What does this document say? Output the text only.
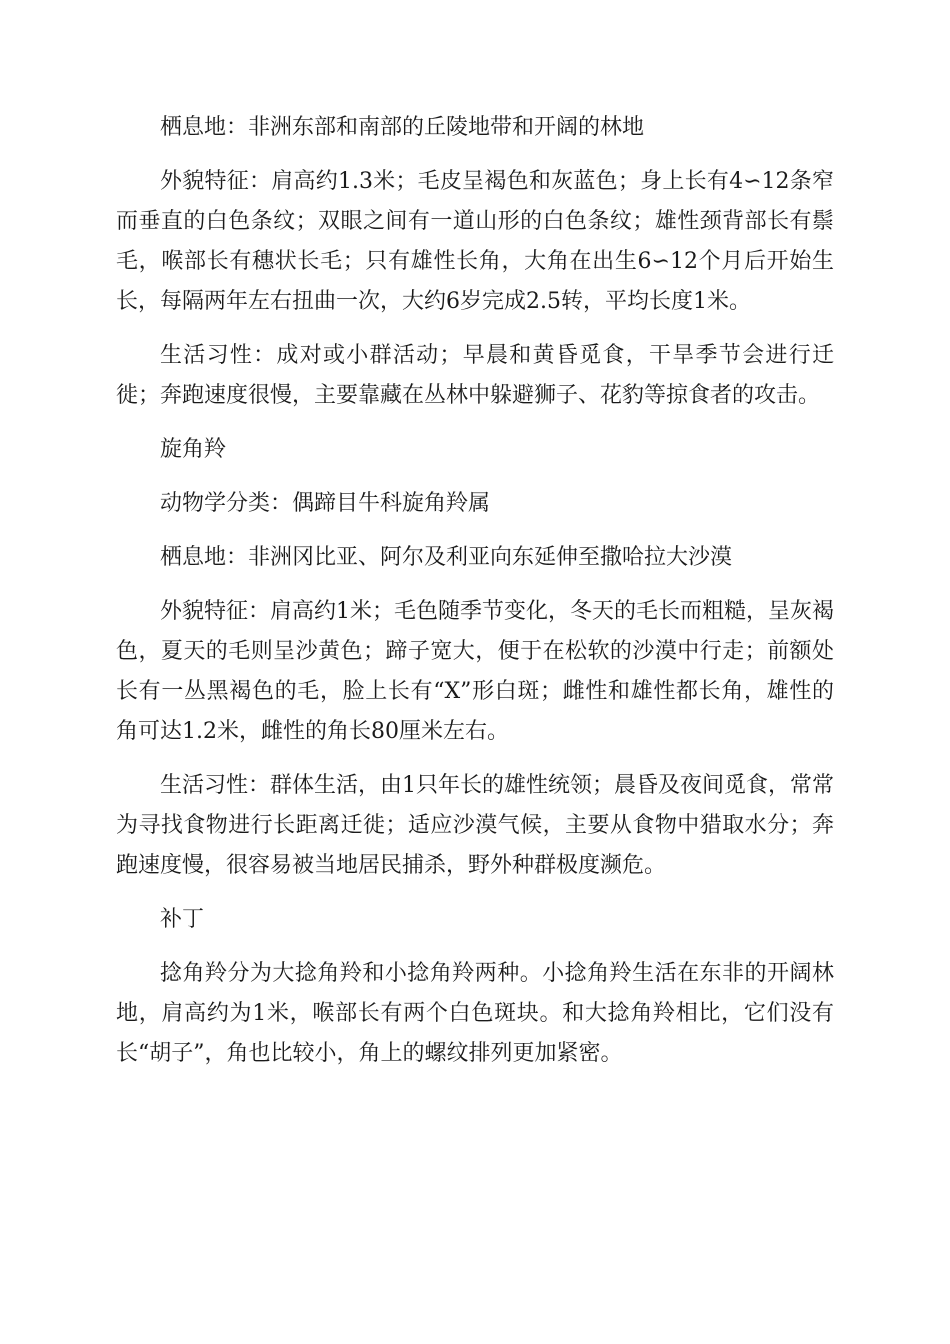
栖息地：非洲东部和南部的丘陵地带和开阔的林地

外貌特征：肩高约1.3米；毛皮呈褐色和灰蓝色；身上长有4∽12条窄而垂直的白色条纹；双眼之间有一道山形的白色条纹；雄性颈背部长有鬃毛，喉部长有穗状长毛；只有雄性长角，大角在出生6∽12个月后开始生长，每隔两年左右扭曲一次，大约6岁完成2.5转，平均长度1米。

生活习性：成对或小群活动；早晨和黄昏觅食，干旱季节会进行迁徙；奔跑速度很慢，主要靠藏在丛林中躲避狮子、花豹等掠食者的攻击。

旋角羚

动物学分类：偶蹄目牛科旋角羚属

栖息地：非洲冈比亚、阿尔及利亚向东延伸至撒哈拉大沙漠

外貌特征：肩高约1米；毛色随季节变化，冬天的毛长而粗糙，呈灰褐色，夏天的毛则呈沙黄色；蹄子宽大，便于在松软的沙漠中行走；前额处长有一丛黑褐色的毛，脸上长有“X”形白斑；雌性和雄性都长角，雄性的角可达1.2米，雌性的角长80厘米左右。

生活习性：群体生活，由1只年长的雄性统领；晨昏及夜间觅食，常常为寻找食物进行长距离迁徙；适应沙漠气候，主要从食物中猎取水分；奔跑速度慢，很容易被当地居民捕杀，野外种群极度濒危。

补丁

捻角羚分为大捻角羚和小捻角羚两种。小捻角羚生活在东非的开阔林地，肩高约为1米，喉部长有两个白色斑块。和大捻角羚相比，它们没有长“胡子”，角也比较小，角上的螺纹排列更加紧密。
